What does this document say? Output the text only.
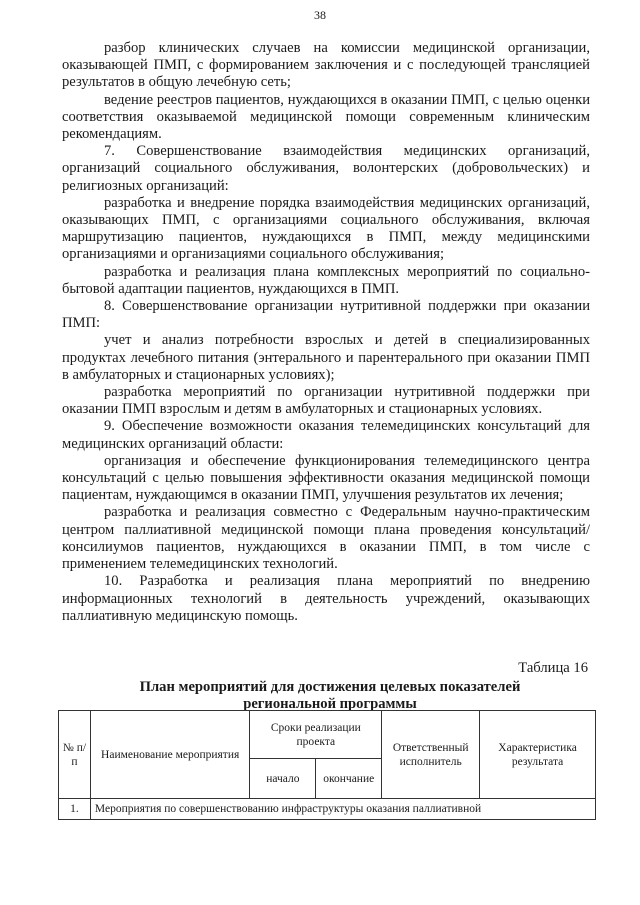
38

разбор клинических случаев на комиссии медицинской организации, оказывающей ПМП, с формированием заключения и с последующей трансляцией результатов в общую лечебную сеть;

ведение реестров пациентов, нуждающихся в оказании ПМП, с целью оценки соответствия оказываемой медицинской помощи современным клиническим рекомендациям.

7. Совершенствование взаимодействия медицинских организаций, организаций социального обслуживания, волонтерских (добровольческих) и религиозных организаций:

разработка и внедрение порядка взаимодействия медицинских организаций, оказывающих ПМП, с организациями социального обслуживания, включая маршрутизацию пациентов, нуждающихся в ПМП, между медицинскими организациями и организациями социального обслуживания;

разработка и реализация плана комплексных мероприятий по социально-бытовой адаптации пациентов, нуждающихся в ПМП.

8. Совершенствование организации нутритивной поддержки при оказании ПМП:

учет и анализ потребности взрослых и детей в специализированных продуктах лечебного питания (энтерального и парентерального при оказании ПМП в амбулаторных и стационарных условиях);

разработка мероприятий по организации нутритивной поддержки при оказании ПМП взрослым и детям в амбулаторных и стационарных условиях.

9. Обеспечение возможности оказания телемедицинских консультаций для медицинских организаций области:

организация и обеспечение функционирования телемедицинского центра консультаций с целью повышения эффективности оказания медицинской помощи пациентам, нуждающимся в оказании ПМП, улучшения результатов их лечения;

разработка и реализация совместно с Федеральным научно-практическим центром паллиативной медицинской помощи плана проведения консультаций/консилиумов пациентов, нуждающихся в оказании ПМП, в том числе с применением телемедицинских технологий.

10. Разработка и реализация плана мероприятий по внедрению информационных технологий в деятельность учреждений, оказывающих паллиативную медицинскую помощь.

Таблица 16
План мероприятий для достижения целевых показателей
региональной программы
№ п/п	Наименование мероприятия	Сроки реализации проекта		Ответственный исполнитель	Характеристика результата
		начало	окончание		
1.	Мероприятия по совершенствованию инфраструктуры оказания паллиативной				
